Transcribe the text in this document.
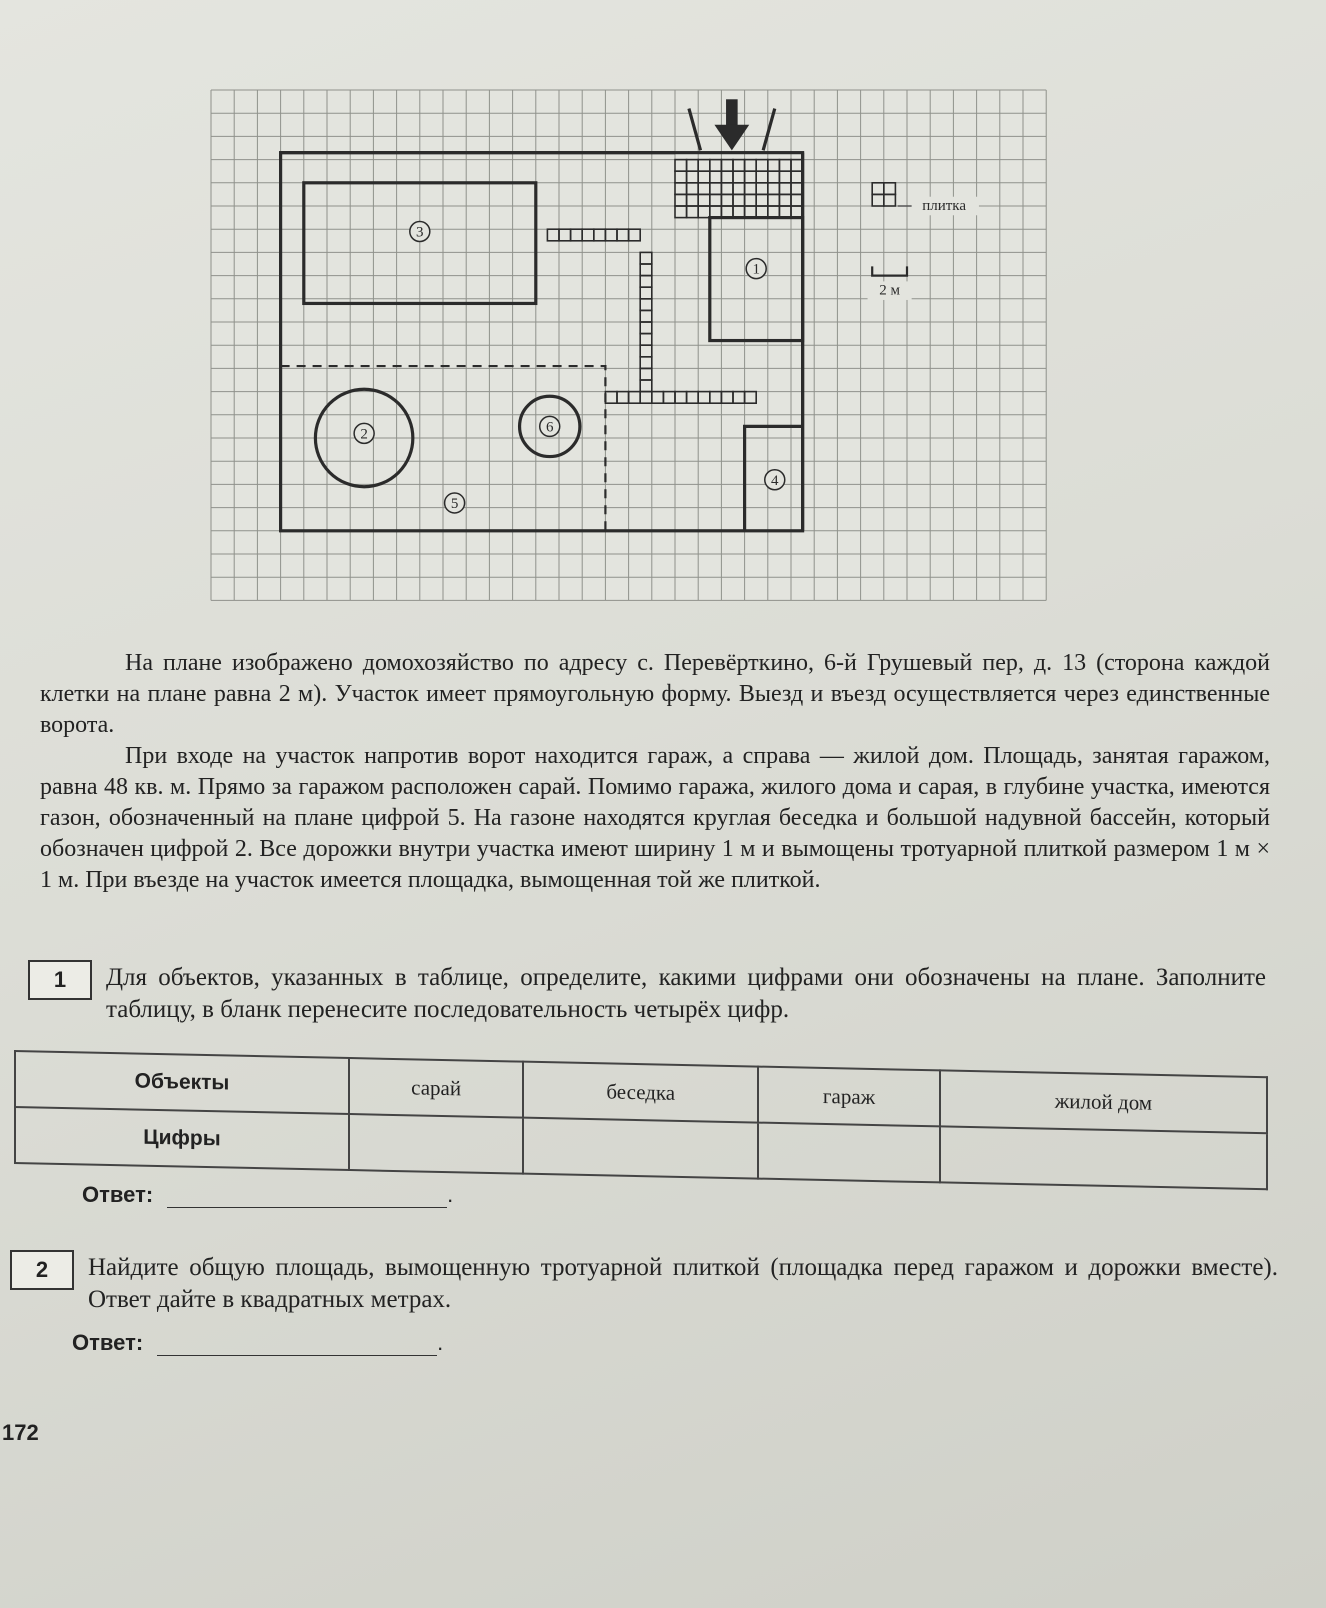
плитка
2 м
3
1
2	6
4
5

На плане изображено домохозяйство по адресу с. Перевёрткино, 6-й Грушевый пер, д. 13 (сторона каждой клетки на плане равна 2 м). Участок имеет прямоугольную форму. Выезд и въезд осуществляется через единственные ворота.

При входе на участок напротив ворот находится гараж, а справа — жилой дом. Площадь, занятая гаражом, равна 48 кв. м. Прямо за гаражом расположен сарай. Помимо гаража, жилого дома и сарая, в глубине участка, имеются газон, обозначенный на плане цифрой 5. На газоне находятся круглая беседка и большой надувной бассейн, который обозначен цифрой 2. Все дорожки внутри участка имеют ширину 1 м и вымощены тротуарной плиткой размером 1 м × 1 м. При въезде на участок имеется площадка, вымощенная той же плиткой.

1	Для объектов, указанных в таблице, определите, какими цифрами они обозначены на плане. Заполните таблицу, в бланк перенесите последовательность четырёх цифр.
Объекты	сарай	беседка	гараж	жилой дом
Цифры				
Ответ:	.
2	Найдите общую площадь, вымощенную тротуарной плиткой (площадка перед гаражом и дорожки вместе). Ответ дайте в квадратных метрах.
Ответ:	.
172
